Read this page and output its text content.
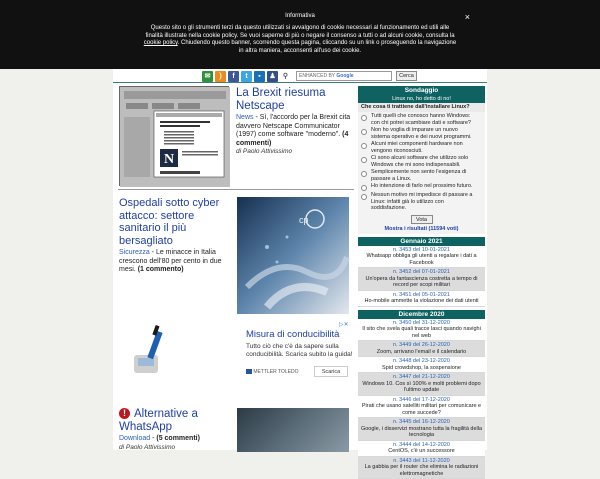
✉	)	f	t	▪	♟	⚲	ENHANCED BY Google	Cerca
N
La Brexit riesuma Netscape
News - Sì, l'accordo per la Brexit cita davvero Netscape Communicator (1997) come software "moderno". (4 commenti)
di Paolo Attivissimo
Ospedali sotto cyber attacco: settore sanitario il più bersagliato
Sicurezza - Le minacce in Italia crescono dell'80 per cento in due mesi. (1 commento)
cp
▷✕
Misura di conducibilità
Tutto ciò che c'è da sapere sulla conducibilità. Scarica subito la guida!
METTLER TOLEDO	Scarica
! Alternative a WhatsApp
Download - (5 commenti)
di Paolo Attivissimo
Sondaggio
Linux no, ho detto di no!
Che cosa ti trattiene dall'installare Linux?
Tutti quelli che conosco hanno Windows: con chi potrei scambiare dati e software?
Non ho voglia di imparare un nuovo sistema operativo e dei nuovi programmi.
Alcuni miei componenti hardware non vengono riconosciuti.
Ci sono alcuni software che utilizzo solo Windows che mi sono indispensabili.
Semplicemente non sento l'esigenza di passare a Linux.
Ho intenzione di farlo nel prossimo futuro.
Nessun motivo mi impedisce di passare a Linux: infatti già lo utilizzo con soddisfazione.
Vota
Mostra i risultati (11594 voti)
Gennaio 2021
n. 3453 del 10-01-2021
Whatsapp obbliga gli utenti a regalare i dati a Facebook
n. 3452 del 07-01-2021
Un'opera da fantascienza costretta a tempo di record per scopi militari
n. 3451 del 05-01-2021
Ho-mobile ammette la violazione dei dati utenti
Dicembre 2020
n. 3450 del 31-12-2020
Il sito che svela quali tracce lasci quando navighi nel web
n. 3449 del 26-12-2020
Zoom, arrivano l'email e il calendario
n. 3448 del 23-12-2020
Spid crowdshop, la sospensione
n. 3447 del 21-12-2020
Windows 10. Cos sì 100% e molti problemi dopo l'ultimo update
n. 3446 del 17-12-2020
Pirati che usano satelliti militari per comunicare e come succede?
n. 3445 del 16-12-2020
Google, i disservizi mostrano tutta la fragilità della tecnologia
n. 3444 del 14-12-2020
CentOS, c'è un successore
n. 3443 del 11-12-2020
La gabbia per il router che elimina le radiazioni elettromagnetiche
Informativa	×
Questo sito o gli strumenti terzi da questo utilizzati si avvalgono di cookie necessari al funzionamento ed utili alle finalità illustrate nella cookie policy. Se vuoi saperne di più o negare il consenso a tutti o ad alcuni cookie, consulta la cookie policy. Chiudendo questo banner, scorrendo questa pagina, cliccando su un link o proseguendo la navigazione in altra maniera, acconsenti all'uso dei cookie.
